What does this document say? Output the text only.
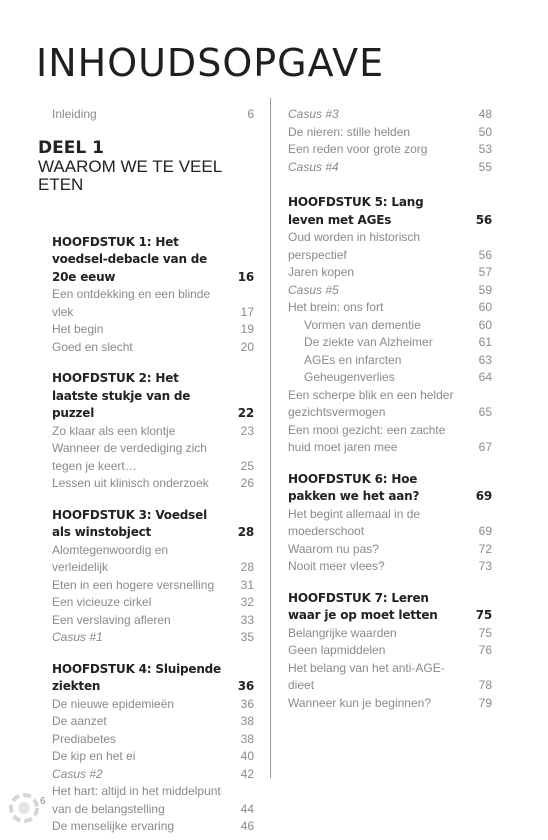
INHOUDSOPGAVE
Inleiding	6
HOOFDSTUK 1: Het voedsel-debacle van de 20e eeuw	16
Een ontdekking en een blinde vlek	17
Het begin	19
Goed en slecht	20
HOOFDSTUK 2: Het laatste stukje van de puzzel	22
Zo klaar als een klontje	23
Wanneer de verdediging zich tegen je keert…	25
Lessen uit klinisch onderzoek	26
HOOFDSTUK 3: Voedsel als winstobject	28
Alomtegenwoordig en verleidelijk	28
Eten in een hogere versnelling 31
Een vicieuze cirkel	32
Een verslaving afleren	33
Casus #1	35
HOOFDSTUK 4: Sluipende ziekten	36
De nieuwe epidemieën	36
De aanzet	38
Prediabetes	38
De kip en het ei	40
Casus #2	42
Het hart: altijd in het middelpunt van de belangstelling	44
De menselijke ervaring	46
DEEL 1
WAAROM WE TE VEEL ETEN
Casus #3	48
De nieren: stille helden	50
Een reden voor grote zorg	53
Casus #4	55
HOOFDSTUK 5: Lang leven met AGEs	56
Oud worden in historisch perspectief	56
Jaren kopen	57
Casus #5	59
Het brein: ons fort	60
Vormen van dementie	60
De ziekte van Alzheimer	61
AGEs en infarcten	63
Geheugenverlies	64
Een scherpe blik en een helder gezichtsvermogen	65
Een mooi gezicht: een zachte huid moet jaren mee	67
HOOFDSTUK 6: Hoe pakken we het aan?	69
Het begint allemaal in de moederschoot	69
Waarom nu pas?	72
Nooit meer vlees?	73
HOOFDSTUK 7: Leren waar je op moet letten	75
Belangrijke waarden	75
Geen lapmiddelen	76
Het belang van het anti-AGE-dieet	78
Wanneer kun je beginnen?	79
6
